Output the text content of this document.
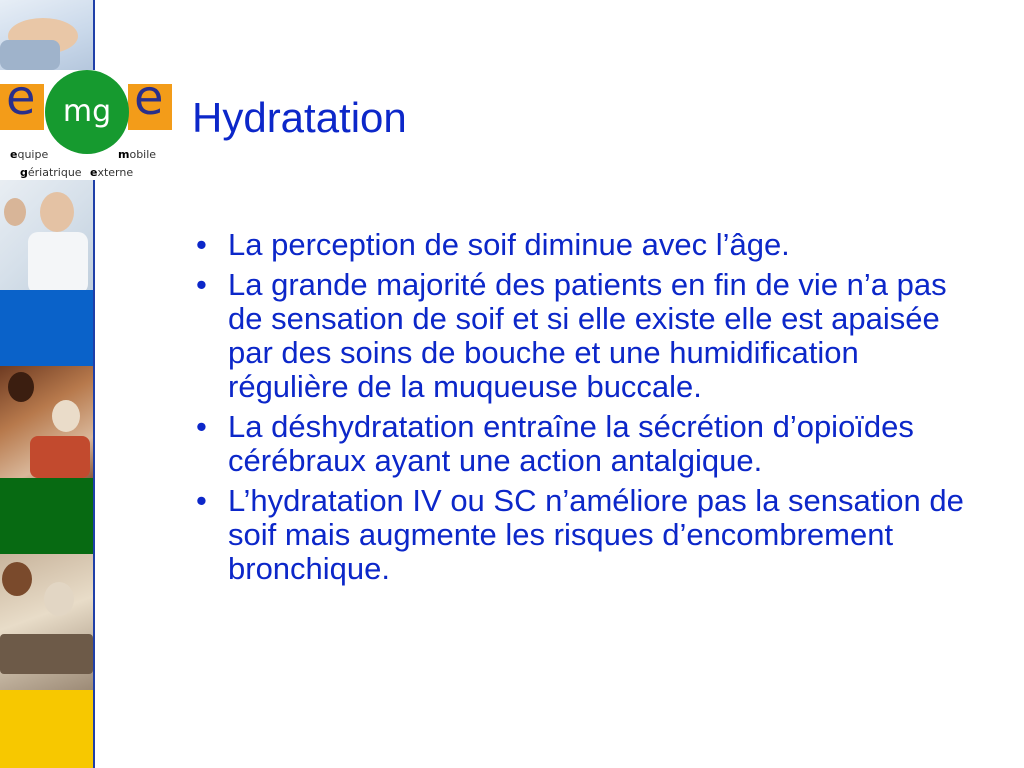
e mg e
equipe	mobile
gériatrique externe
Hydratation
• La perception de soif diminue avec l’âge.
• La grande majorité des patients en fin de vie n’a pas de sensation de soif et si elle existe elle est apaisée par des soins de bouche et une humidification régulière de la muqueuse buccale.
• La déshydratation entraîne la sécrétion d’opioïdes cérébraux ayant une action antalgique.
• L’hydratation IV ou SC n’améliore pas la sensation de soif mais augmente les risques d’encombrement bronchique.
